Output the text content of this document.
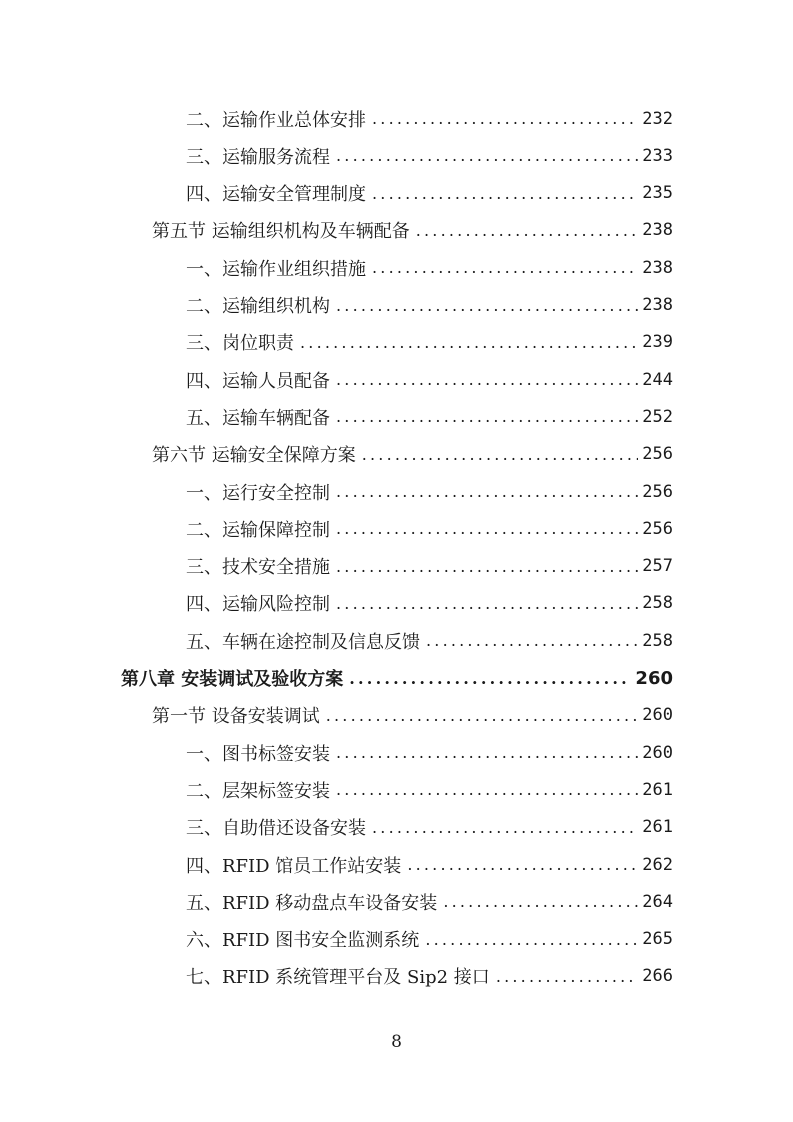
二、运输作业总体安排 .....	232
三、运输服务流程 .....	233
四、运输安全管理制度 .....	235
第五节 运输组织机构及车辆配备 .....	238
一、运输作业组织措施 .....	238
二、运输组织机构 .....	238
三、岗位职责 .....	239
四、运输人员配备 .....	244
五、运输车辆配备 .....	252
第六节 运输安全保障方案 .....	256
一、运行安全控制 .....	256
二、运输保障控制 .....	256
三、技术安全措施 .....	257
四、运输风险控制 .....	258
五、车辆在途控制及信息反馈 .....	258
第八章 安装调试及验收方案 .....	260
第一节 设备安装调试 .....	260
一、图书标签安装 .....	260
二、层架标签安装 .....	261
三、自助借还设备安装 .....	261
四、RFID 馆员工作站安装 .....	262
五、RFID 移动盘点车设备安装 .....	264
六、RFID 图书安全监测系统 .....	265
七、RFID 系统管理平台及 Sip2 接口 .....	266
8
